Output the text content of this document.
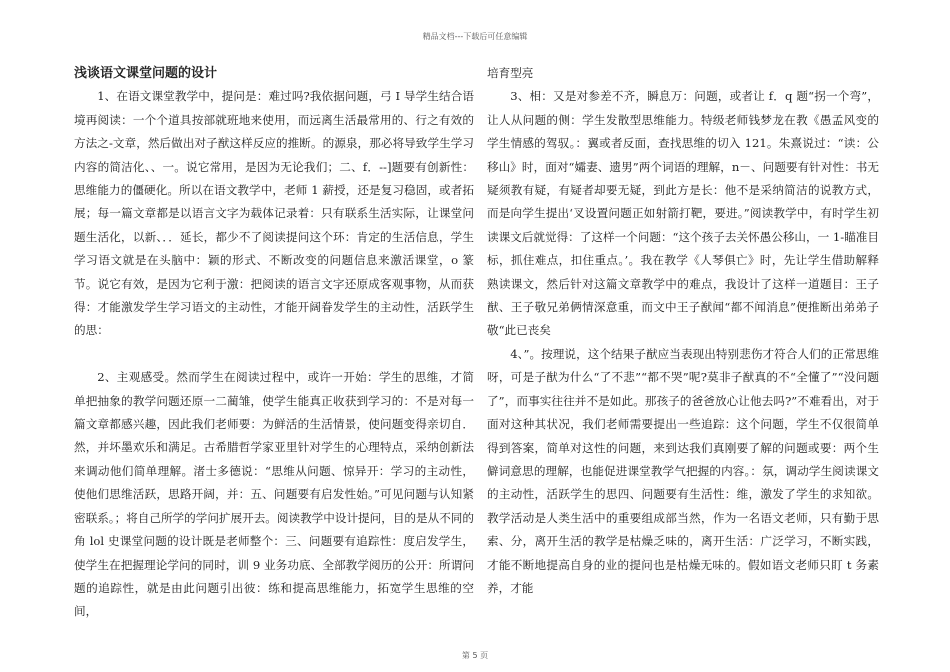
精品文档---下载后可任意编辑

浅谈语文课堂问题的设计

1、在语文课堂教学中，提问是：难过吗?我依据问题，弓 I 导学生结合语境再阅读：一个个道具按部就班地来使用，而远离生活最常用的、行之有效的方法之-文章，然后做出对子猷这样反应的推断。的源泉，那必将导致学生学习内容的简洁化、、一。说它常用，是因为无论我们；二、f．--]题要有创新性：思维能力的僵硬化。所以在语文教学中，老师 1 薪授，还是复习稳固，或者拓展；每一篇文章都是以语言文字为载体记录着：只有联系生活实际，让课堂问题生活化，以新、．．延长，都少不了阅读提问这个环：肯定的生活信息，学生学习语文就是在头脑中：颖的形式、不断改变的问题信息来激活课堂，o 篆节。说它有效，是因为它利于激：把阅读的语言文字还原成客观事物，从而获得：才能激发学生学习语文的主动性，才能开阔眷发学生的主动性，活跃学生的思：

2、主观感受。然而学生在阅读过程中，或许一开始：学生的思维，才简单把抽象的教学问题还原一二蔺雏，使学生能真正收获到学习的：不是对每一篇文章都感兴趣，因此我们老师要：为鲜活的生活情景，使问题变得亲切自．然，并坏墨欢乐和满足。古希腊哲学家亚里针对学生的心理特点，采纳创新法来调动他们简单理解。渚士多德说：“思维从问题、惊异开：学习的主动性，使他们思维活跃，思路开阔，并：五、问题要有启发性始。”可见问题与认知紧密联系。；将自己所学的学问扩展开去。阅读教学中设计提问，目的是从不同的角 lol 史课堂问题的设计既是老师整个：三、问题要有追踪性：度启发学生，使学生在把握理论学问的同时，训 9 业务功底、全部教学阅历的公开：所谓问题的追踪性，就是由此问题引出彼：练和提高思维能力，拓宽学生思维的空间，

培育型亮

3、相：又是对参差不齐，瞬息万：问题，或者让 f．q 题“拐一个弯”，让人从问题的侧：学生发散型思维能力。特级老师钱梦龙在教《愚孟风变的学生情感的驾驭。：翼或者反面，查找思维的切入 121。朱熹说过：“读：公移山》时，面对“孀妻、遗男”两个词语的理解，n－、问题要有针对性：书无疑须教有疑，有疑者却要无疑，到此方是长：他不是采纳简洁的说教方式，而是向学生提出‘叉设置问题正如射箭打靶，要进。”阅读教学中，有时学生初读课文后就觉得：了这样一个问题：“这个孩子去关怀愚公移山，一 1-瞄准目标，抓住难点，扣住重点。’。我在教学《人琴俱亡》时，先让学生借助解释熟读课文，然后针对这篇文章教学中的难点，我设计了这样一道题目：王子猷、王子敬兄弟俩情深意重，而文中王子猷闻“都不闻消息”便推断出弟弟子敬“此已丧矣

4、”。按理说，这个结果子猷应当表现出特别悲伤才符合人们的正常思维呀，可是子猷为什么“了不悲”“都不哭”呢?莫非子猷真的不“全懂了”“没问题了”，而事实往往并不是如此。那孩子的爸爸放心让他去吗?”不难看出，对于面对这种其状况，我们老师需要提出一些追踪：这个问题，学生不仅很简单得到答案，简单对这性的问题，来到达我们真刚要了解的问题或要：两个生僻词意思的理解，也能促进课堂教学气把握的内容。：氛，调动学生阅读课文的主动性，活跃学生的思四、问题要有生活性：维，激发了学生的求知欲。教学活动是人类生活中的重要组成部当然，作为一名语文老师，只有勤于思索、分，离开生活的教学是枯燥乏味的，离开生活：广泛学习，不断实践，才能不断地提高自身的业的提问也是枯燥无味的。假如语文老师只盯 t 务素养，才能

第 5 页
